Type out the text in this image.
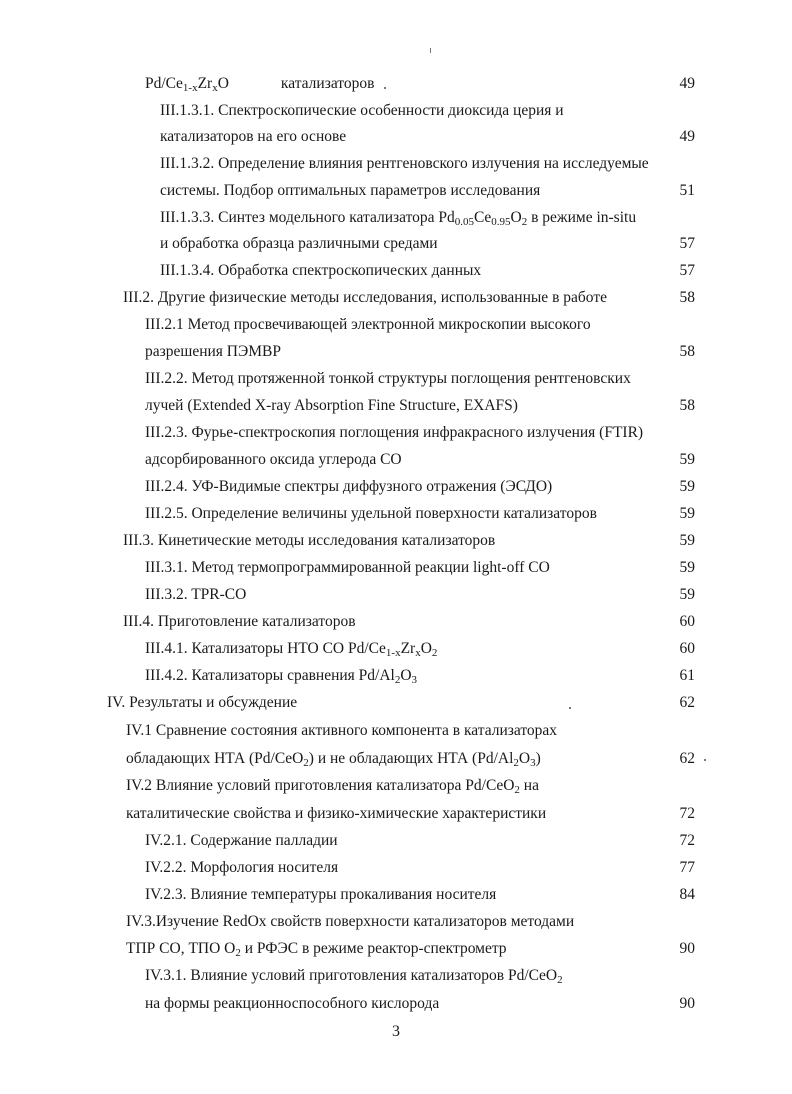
$Pd/Ce_{1-x}Zr_xO$	катализаторов	49
III.1.3.1. Спектроскопические особенности диоксида церия и
катализаторов на его основе	49
III.1.3.2. Определение влияния рентгеновского излучения на исследуемые
системы. Подбор оптимальных параметров исследования	51
III.1.3.3. Синтез модельного катализатора $Pd_{0.05}Ce_{0.95}O_2$ в режиме in-situ
и обработка образца различными средами	57
III.1.3.4. Обработка спектроскопических данных	57
III.2. Другие физические методы исследования, использованные в работе	58
III.2.1 Метод просвечивающей электронной микроскопии высокого
разрешения ПЭМВР	58
III.2.2. Метод протяженной тонкой структуры поглощения рентгеновских
лучей (Extended X-ray Absorption Fine Structure, EXAFS)	58
III.2.3. Фурье-спектроскопия поглощения инфракрасного излучения (FTIR)
адсорбированного оксида углерода CO	59
III.2.4. УФ-Видимые спектры диффузного отражения (ЭСДО)	59
III.2.5. Определение величины удельной поверхности катализаторов	59
III.3. Кинетические методы исследования катализаторов	59
III.3.1. Метод термопрограммированной реакции light-off CO	59
III.3.2. TPR-CO	59
III.4. Приготовление катализаторов	60
III.4.1. Катализаторы НТО CO $Pd/Ce_{1-x}Zr_xO_2$	60
III.4.2. Катализаторы сравнения $Pd/Al_2O_3$	61
IV. Результаты и обсуждение	62
IV.1 Сравнение состояния активного компонента в катализаторах
обладающих НТА (Pd/CeO$_2$) и не обладающих НТА $(Pd/Al_2O_3)$	62
IV.2 Влияние условий приготовления катализатора Pd/CeO$_2$ на
каталитические свойства и физико-химические характеристики	72
IV.2.1. Содержание палладии	72
IV.2.2. Морфология носителя	77
IV.2.3. Влияние температуры прокаливания носителя	84
IV.3.Изучение RedOx свойств поверхности катализаторов методами
ТПР CO, ТПО $O_2$ и РФЭС в режиме реактор-спектрометр	90
IV.3.1. Влияние условий приготовления катализаторов Pd/CeO$_2$
на формы реакционноспособного кислорода	90
3
